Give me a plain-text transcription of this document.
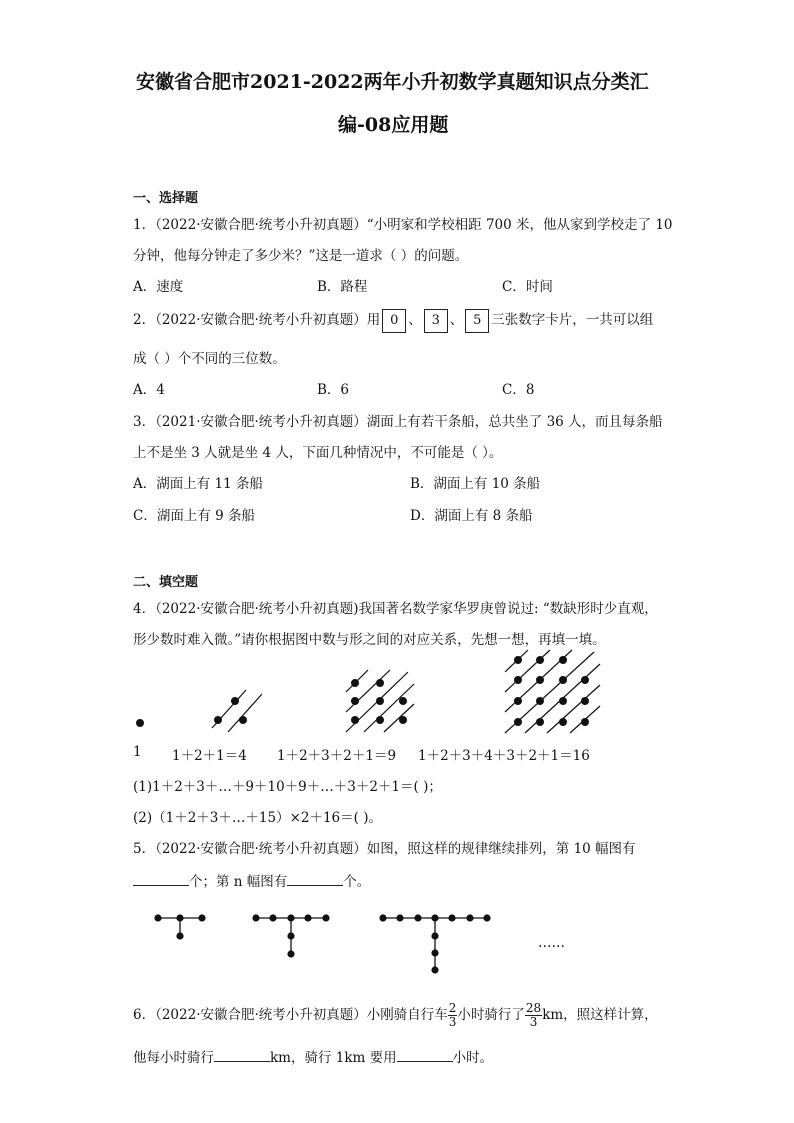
安徽省合肥市2021-2022两年小升初数学真题知识点分类汇
编-08应用题
一、选择题
1．（2022·安徽合肥·统考小升初真题）“小明家和学校相距 700 米，他从家到学校走了 10
分钟，他每分钟走了多少米？”这是一道求（ ）的问题。
A．速度	B．路程	C．时间
2．（2022·安徽合肥·统考小升初真题）用 0 、 3 、 5 三张数字卡片，一共可以组
成（ ）个不同的三位数。
A．4	B．6	C．8
3．（2021·安徽合肥·统考小升初真题）湖面上有若干条船，总共坐了 36 人，而且每条船
上不是坐 3 人就是坐 4 人，下面几种情况中，不可能是（ ）。
A．湖面上有 11 条船	B．湖面上有 10 条船
C．湖面上有 9 条船	D．湖面上有 8 条船
二、填空题
4．（2022·安徽合肥·统考小升初真题)我国著名数学家华罗庚曾说过: “数缺形时少直观，
形少数时难入微。”请你根据图中数与形之间的对应关系，先想一想，再填一填。
1 1＋2＋1＝4 1＋2＋3＋2＋1＝9 1＋2＋3＋4＋3＋2＋1＝16
(1)1＋2＋3＋…＋9＋10＋9＋…＋3＋2＋1＝( )；
(2)（1＋2＋3＋…＋15）×2＋16＝( )。
5．（2022·安徽合肥·统考小升初真题）如图，照这样的规律继续排列，第 10 幅图有
个；第 n 幅图有	个。
……
6．（2022·安徽合肥·统考小升初真题）小刚骑自行车 $\frac{2}{3}$ 小时骑行了 $\frac{28}{3}$ km，照这样计算，
他每小时骑行	km，骑行 1km 要用	小时。
